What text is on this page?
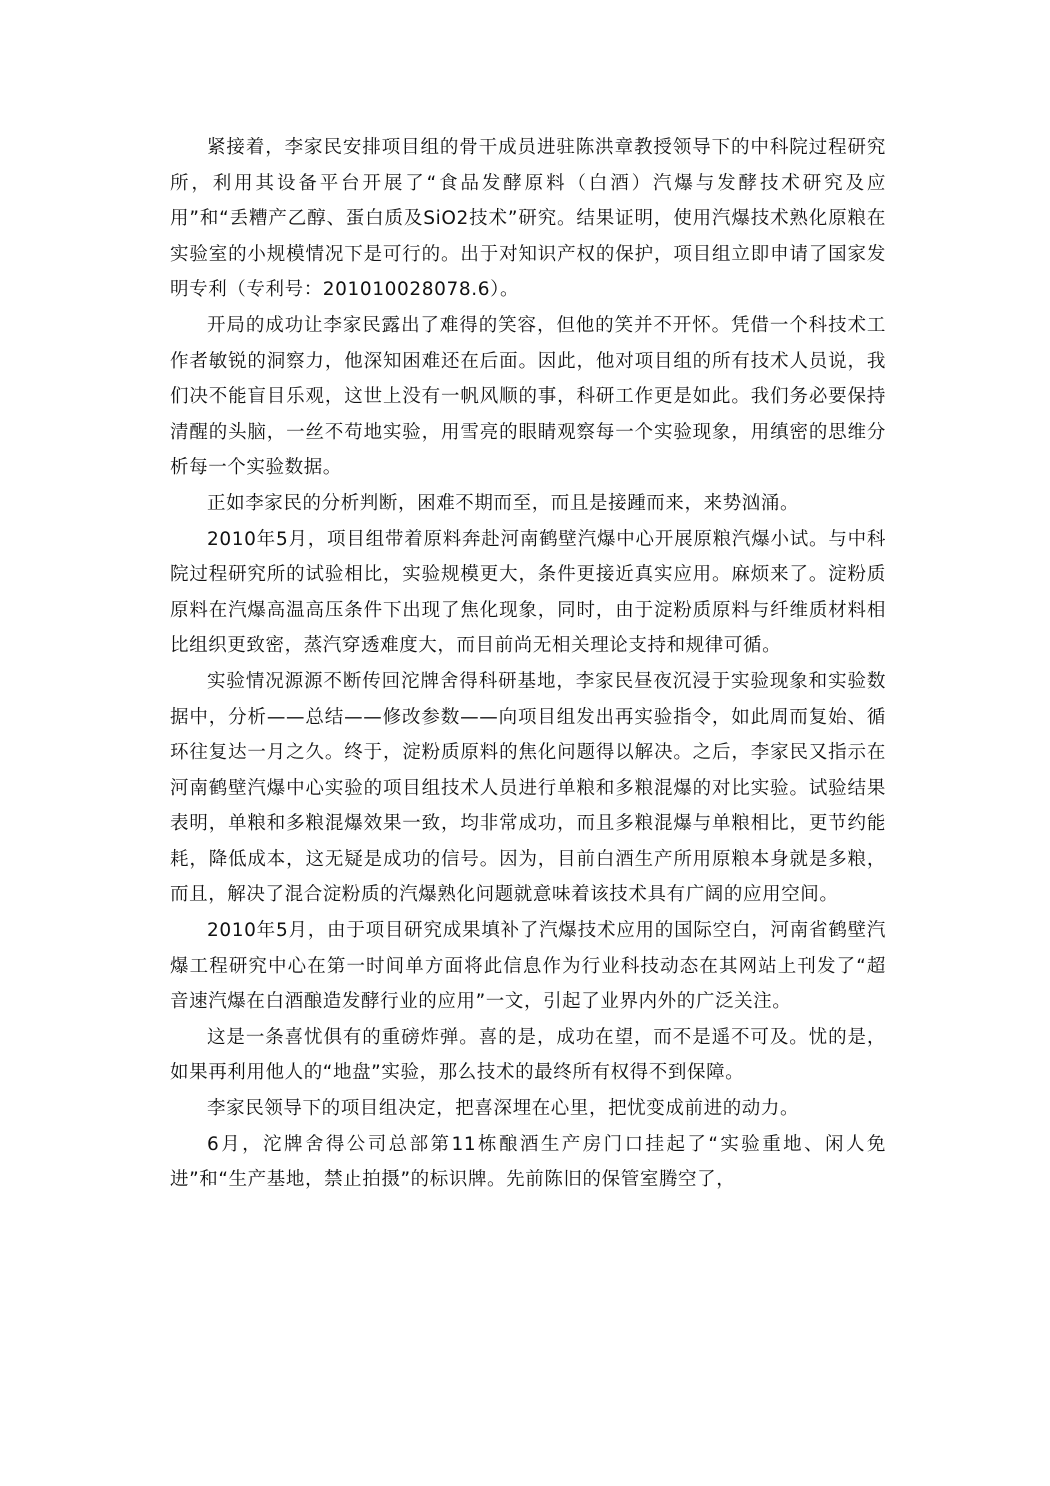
紧接着，李家民安排项目组的骨干成员进驻陈洪章教授领导下的中科院过程研究所，利用其设备平台开展了“食品发酵原料（白酒）汽爆与发酵技术研究及应用”和“丢糟产乙醇、蛋白质及SiO2技术”研究。结果证明，使用汽爆技术熟化原粮在实验室的小规模情况下是可行的。出于对知识产权的保护，项目组立即申请了国家发明专利（专利号：201010028078.6）。

开局的成功让李家民露出了难得的笑容，但他的笑并不开怀。凭借一个科技术工作者敏锐的洞察力，他深知困难还在后面。因此，他对项目组的所有技术人员说，我们决不能盲目乐观，这世上没有一帆风顺的事，科研工作更是如此。我们务必要保持清醒的头脑，一丝不苟地实验，用雪亮的眼睛观察每一个实验现象，用缜密的思维分析每一个实验数据。

正如李家民的分析判断，困难不期而至，而且是接踵而来，来势汹涌。

2010年5月，项目组带着原料奔赴河南鹤壁汽爆中心开展原粮汽爆小试。与中科院过程研究所的试验相比，实验规模更大，条件更接近真实应用。麻烦来了。淀粉质原料在汽爆高温高压条件下出现了焦化现象，同时，由于淀粉质原料与纤维质材料相比组织更致密，蒸汽穿透难度大，而目前尚无相关理论支持和规律可循。

实验情况源源不断传回沱牌舍得科研基地，李家民昼夜沉浸于实验现象和实验数据中，分析——总结——修改参数——向项目组发出再实验指令，如此周而复始、循环往复达一月之久。终于，淀粉质原料的焦化问题得以解决。之后，李家民又指示在河南鹤壁汽爆中心实验的项目组技术人员进行单粮和多粮混爆的对比实验。试验结果表明，单粮和多粮混爆效果一致，均非常成功，而且多粮混爆与单粮相比，更节约能耗，降低成本，这无疑是成功的信号。因为，目前白酒生产所用原粮本身就是多粮，而且，解决了混合淀粉质的汽爆熟化问题就意味着该技术具有广阔的应用空间。

2010年5月，由于项目研究成果填补了汽爆技术应用的国际空白，河南省鹤壁汽爆工程研究中心在第一时间单方面将此信息作为行业科技动态在其网站上刊发了“超音速汽爆在白酒酿造发酵行业的应用”一文，引起了业界内外的广泛关注。

这是一条喜忧俱有的重磅炸弹。喜的是，成功在望，而不是遥不可及。忧的是，如果再利用他人的“地盘”实验，那么技术的最终所有权得不到保障。

李家民领导下的项目组决定，把喜深埋在心里，把忧变成前进的动力。

6月，沱牌舍得公司总部第11栋酿酒生产房门口挂起了“实验重地、闲人免进”和“生产基地，禁止拍摄”的标识牌。先前陈旧的保管室腾空了，
